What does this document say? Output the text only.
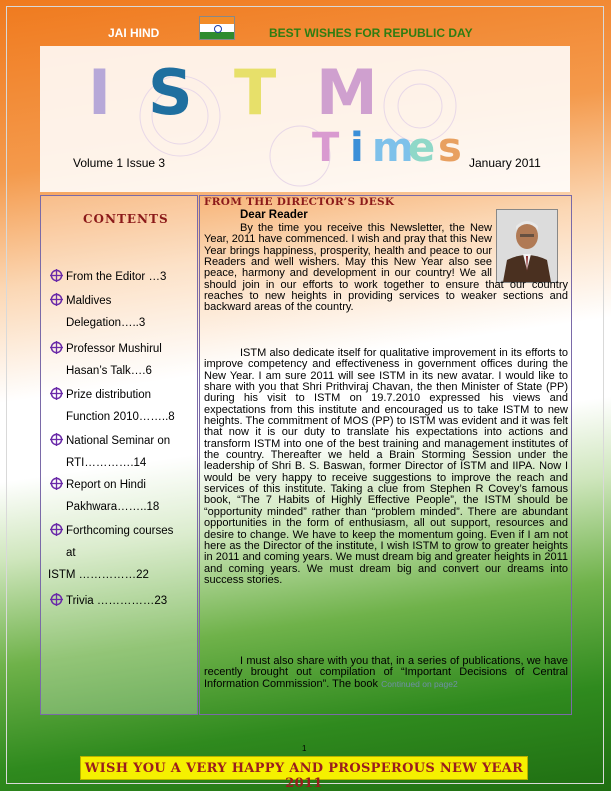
JAI HIND	BEST WISHES FOR REPUBLIC DAY
I S T M
T i m
e s
Volume 1 Issue 3	January 2011
CONTENTS
From the Editor …3
Maldives
Delegation…..3
Professor Mushirul
Hasan’s Talk….6
Prize distribution
Function 2010……..8
National Seminar on
RTI………….14
Report on Hindi
Pakhwara……..18
Forthcoming courses
at
ISTM ……………22
Trivia ……………23
FROM THE DIRECTOR’S DESK
Dear Reader

By the time you receive this Newsletter, the New Year, 2011 have commenced. I wish and pray that this New Year brings happiness, prosperity, health and peace to our Readers and well wishers. May this New Year also see peace, harmony and development in our country! We all should join in our efforts to work together to ensure that our country reaches to new heights in providing services to weaker sections and backward areas of the country.

ISTM also dedicate itself for qualitative improvement in its efforts to improve competency and effectiveness in government offices during the New Year. I am sure 2011 will see ISTM in its new avatar. I would like to share with you that Shri Prithviraj Chavan, the then Minister of State (PP) during his visit to ISTM on 19.7.2010 expressed his views and expectations from this institute and encouraged us to take ISTM to new heights. The commitment of MOS (PP) to ISTM was evident and it was felt that now it is our duty to translate his expectations into actions and transform ISTM into one of the best training and management institutes of the country. Thereafter we held a Brain Storming Session under the leadership of Shri B. S. Baswan, former Director of ISTM and IIPA. Now I would be very happy to receive suggestions to improve the reach and services of this institute. Taking a clue from Stephen R Covey’s famous book, “The 7 Habits of Highly Effective People”, the ISTM should be “opportunity minded” rather than “problem minded”. There are abundant opportunities in the form of enthusiasm, all out support, resources and desire to change. We have to keep the momentum going. Even if I am not here as the Director of the institute, I wish ISTM to grow to greater heights in 2011 and coming years. We must dream big and greater heights in 2011 and coming years. We must dream big and convert our dreams into success stories.

I must also share with you that, in a series of publications, we have recently brought out compilation of “Important Decisions of Central Information Commission”. The book Continued on page2

1
WISH YOU A VERY HAPPY AND PROSPEROUS NEW YEAR 2011
